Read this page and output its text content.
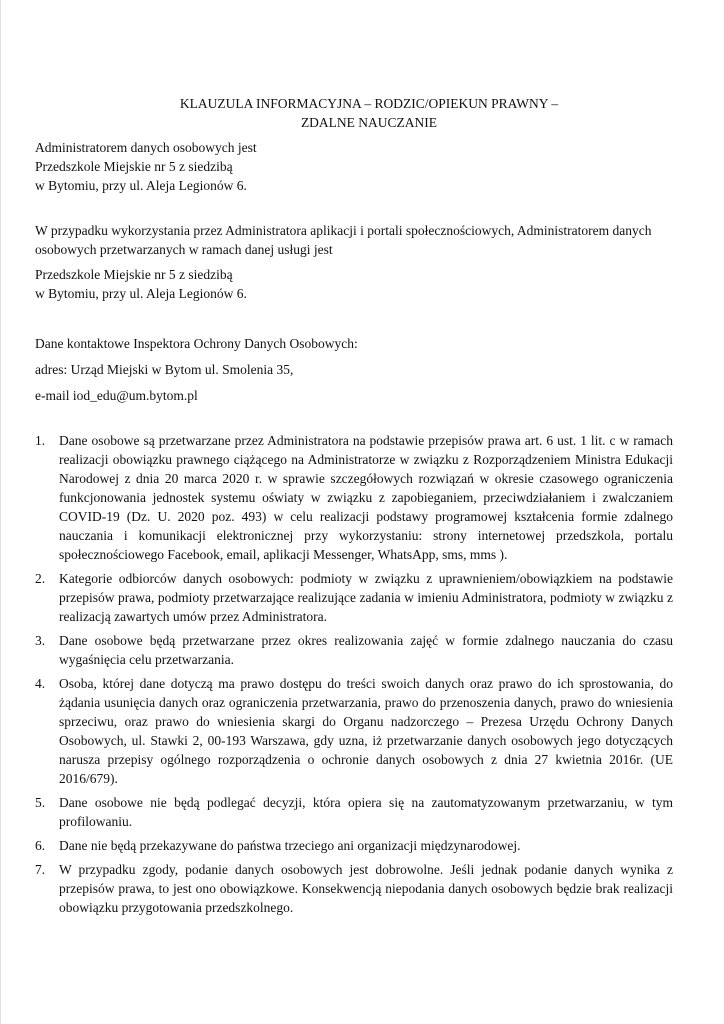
KLAUZULA INFORMACYJNA – RODZIC/OPIEKUN PRAWNY –
ZDALNE NAUCZANIE

Administratorem danych osobowych jest

Przedszkole Miejskie nr 5 z siedzibą

w Bytomiu, przy ul. Aleja Legionów 6.

W przypadku wykorzystania przez Administratora aplikacji i portali społecznościowych, Administratorem danych osobowych przetwarzanych w ramach danej usługi jest

Przedszkole Miejskie nr 5 z siedzibą

w Bytomiu, przy ul. Aleja Legionów 6.

Dane kontaktowe Inspektora Ochrony Danych Osobowych:

adres: Urząd Miejski w Bytom ul. Smolenia 35,

e-mail iod_edu@um.bytom.pl

1. Dane osobowe są przetwarzane przez Administratora na podstawie przepisów prawa art. 6 ust. 1 lit. c w ramach realizacji obowiązku prawnego ciążącego na Administratorze w związku z Rozporządzeniem Ministra Edukacji Narodowej z dnia 20 marca 2020 r. w sprawie szczegółowych rozwiązań w okresie czasowego ograniczenia funkcjonowania jednostek systemu oświaty w związku z zapobieganiem, przeciwdziałaniem i zwalczaniem COVID-19 (Dz. U. 2020 poz. 493) w celu realizacji podstawy programowej kształcenia formie zdalnego nauczania i komunikacji elektronicznej przy wykorzystaniu: strony internetowej przedszkola, portalu społecznościowego Facebook, email, aplikacji Messenger, WhatsApp, sms, mms ).
2. Kategorie odbiorców danych osobowych: podmioty w związku z uprawnieniem/obowiązkiem na podstawie przepisów prawa, podmioty przetwarzające realizujące zadania w imieniu Administratora, podmioty w związku z realizacją zawartych umów przez Administratora.
3. Dane osobowe będą przetwarzane przez okres realizowania zajęć w formie zdalnego nauczania do czasu wygaśnięcia celu przetwarzania.
4. Osoba, której dane dotyczą ma prawo dostępu do treści swoich danych oraz prawo do ich sprostowania, do żądania usunięcia danych oraz ograniczenia przetwarzania, prawo do przenoszenia danych, prawo do wniesienia sprzeciwu, oraz prawo do wniesienia skargi do Organu nadzorczego – Prezesa Urzędu Ochrony Danych Osobowych, ul. Stawki 2, 00-193 Warszawa, gdy uzna, iż przetwarzanie danych osobowych jego dotyczących narusza przepisy ogólnego rozporządzenia o ochronie danych osobowych z dnia 27 kwietnia 2016r. (UE 2016/679).
5. Dane osobowe nie będą podlegać decyzji, która opiera się na zautomatyzowanym przetwarzaniu, w tym profilowaniu.
6. Dane nie będą przekazywane do państwa trzeciego ani organizacji międzynarodowej.
7. W przypadku zgody, podanie danych osobowych jest dobrowolne. Jeśli jednak podanie danych wynika z przepisów prawa, to jest ono obowiązkowe. Konsekwencją niepodania danych osobowych będzie brak realizacji obowiązku przygotowania przedszkolnego.
